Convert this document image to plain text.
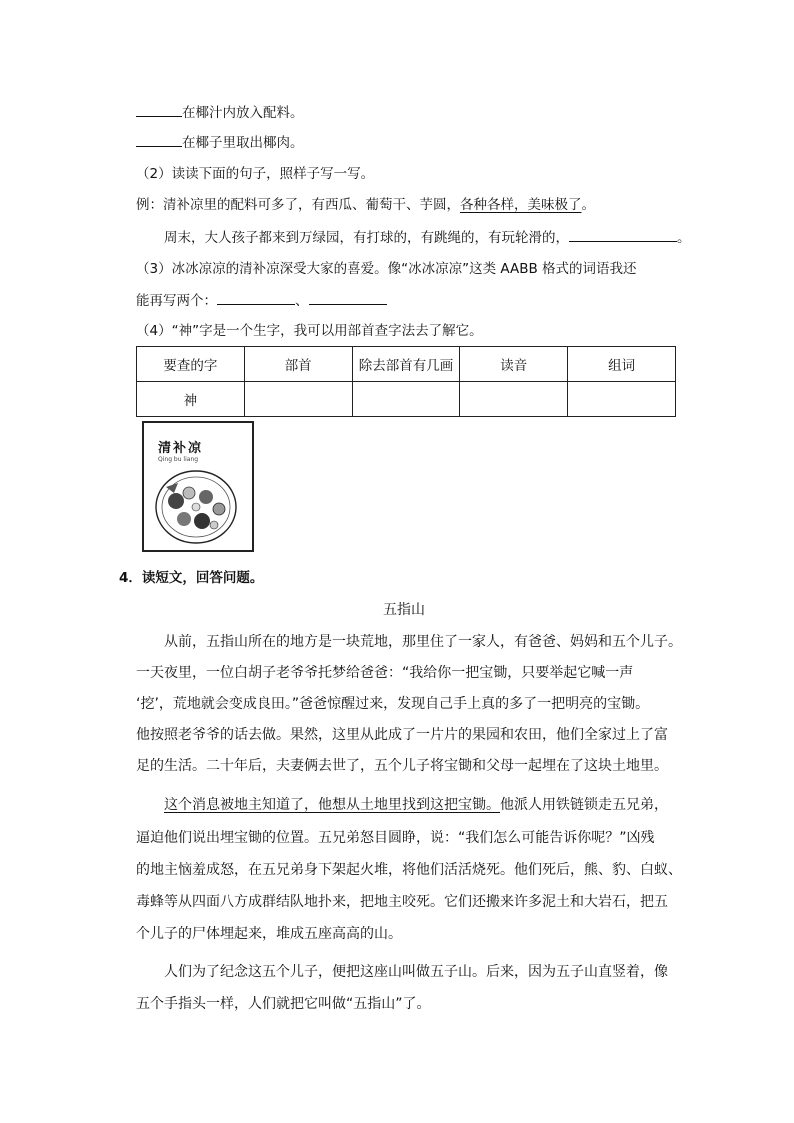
在椰汁内放入配料。
在椰子里取出椰肉。
（2）读读下面的句子，照样子写一写。
例：清补凉里的配料可多了，有西瓜、葡萄干、芋圆，各种各样，美味极了。
周末，大人孩子都来到万绿园，有打球的，有跳绳的，有玩轮滑的，	。
（3）冰冰凉凉的清补凉深受大家的喜爱。像“冰冰凉凉”这类 AABB 格式的词语我还
能再写两个：	、
（4）“神”字是一个生字，我可以用部首查字法去了解它。
要查的字	部首	除去部首有几画	读音	组词
神				
清补凉
Qing bu liang
4．读短文，回答问题。
五指山
从前，五指山所在的地方是一块荒地，那里住了一家人，有爸爸、妈妈和五个儿子。
一天夜里，一位白胡子老爷爷托梦给爸爸：“我给你一把宝锄，只要举起它喊一声
‘挖’，荒地就会变成良田。”爸爸惊醒过来，发现自己手上真的多了一把明亮的宝锄。
他按照老爷爷的话去做。果然，这里从此成了一片片的果园和农田，他们全家过上了富
足的生活。二十年后，夫妻俩去世了，五个儿子将宝锄和父母一起埋在了这块土地里。
这个消息被地主知道了，他想从土地里找到这把宝锄。他派人用铁链锁走五兄弟，
逼迫他们说出埋宝锄的位置。五兄弟怒目圆睁，说：“我们怎么可能告诉你呢？”凶残
的地主恼羞成怒，在五兄弟身下架起火堆，将他们活活烧死。他们死后，熊、豹、白蚁、
毒蜂等从四面八方成群结队地扑来，把地主咬死。它们还搬来许多泥土和大岩石，把五
个儿子的尸体埋起来，堆成五座高高的山。
人们为了纪念这五个儿子，便把这座山叫做五子山。后来，因为五子山直竖着，像
五个手指头一样，人们就把它叫做“五指山”了。
